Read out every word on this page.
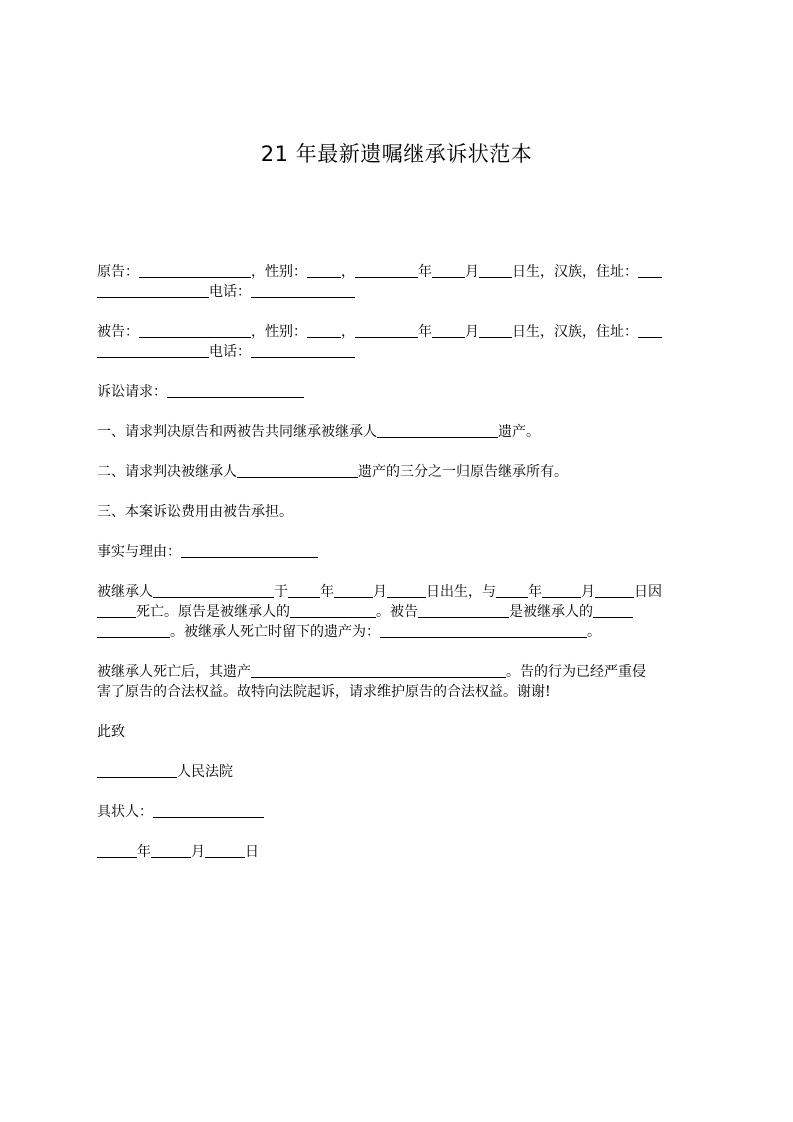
21 年最新遗嘱继承诉状范本

原告：	，性别： ，	年 月 日生，汉族，住址：

电话：

被告：	，性别： ，	年 月 日生，汉族，住址：

电话：

诉讼请求：

一、请求判决原告和两被告共同继承被继承人	遗产。

二、请求判决被继承人	遗产的三分之一归原告继承所有。

三、本案诉讼费用由被告承担。

事实与理由：

被继承人	于 年	月	日出生，与 年	月	日因

死亡。原告是被继承人的	。被告	是被继承人的

。被继承人死亡时留下的遗产为：	。

被继承人死亡后，其遗产	。告的行为已经严重侵

害了原告的合法权益。故特向法院起诉，请求维护原告的合法权益。谢谢!

此致

人民法院

具状人：

年	月	日
